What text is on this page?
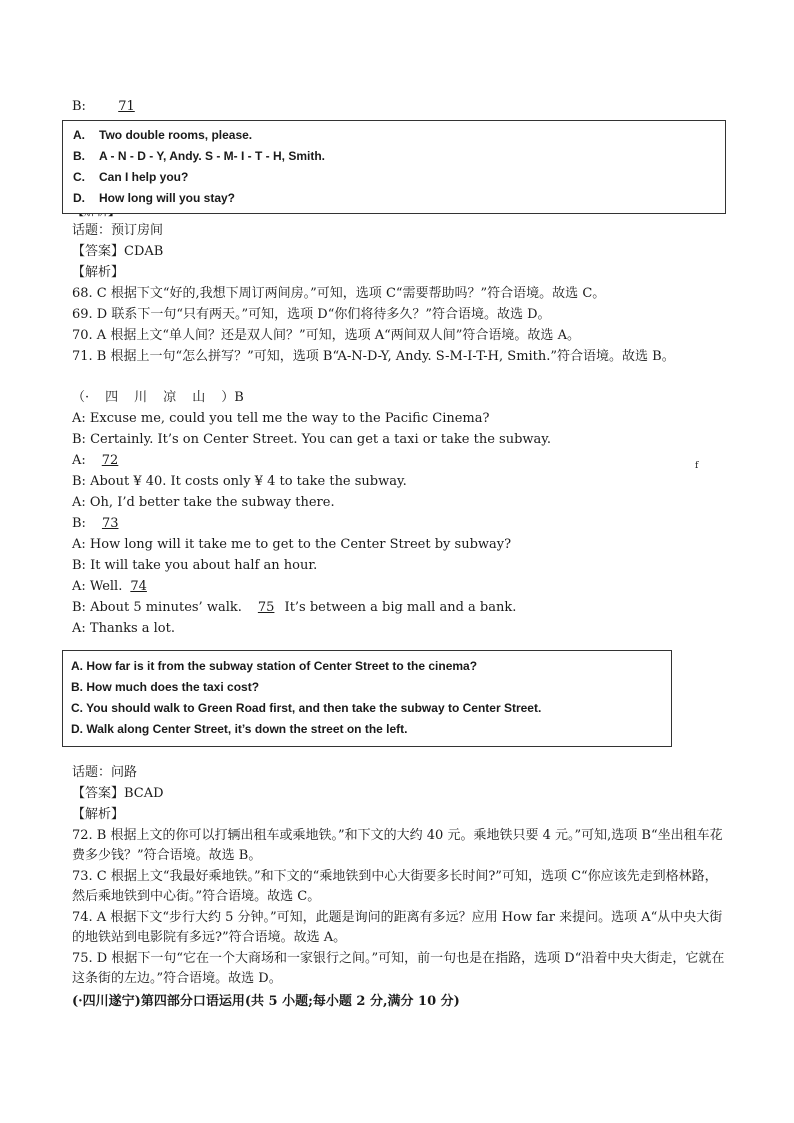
B: 71
A. Two double rooms, please.
B. A - N - D - Y, Andy. S - M- I - T - H, Smith.
C. Can I help you?
D. How long will you stay?
话题：预订房间
【答案】CDAB
【解析】
68. C 根据下文“好的,我想下周订两间房。”可知，选项 C“需要帮助吗？”符合语境。故选 C。
69. D 联系下一句“只有两天。”可知，选项 D“你们将待多久？”符合语境。故选 D。
70. A 根据上文“单人间？还是双人间？”可知，选项 A“两间双人间”符合语境。故选 A。
71. B 根据上一句“怎么拼写？”可知，选项 B“A-N-D-Y, Andy. S-M-I-T-H, Smith.”符合语境。故选 B。
（· 四 川 凉 山 ）B
A: Excuse me, could you tell me the way to the Pacific Cinema?
B: Certainly. It’s on Center Street. You can get a taxi or take the subway.
A: 72	f
B: About ¥ 40. It costs only ¥ 4 to take the subway.
A: Oh, I’d better take the subway there.
B: 73
A: How long will it take me to get to the Center Street by subway?
B: It will take you about half an hour.
A: Well. 74
B: About 5 minutes’ walk. 75 It’s between a big mall and a bank.
A: Thanks a lot.
A. How far is it from the subway station of Center Street to the cinema?
B. How much does the taxi cost?
C. You should walk to Green Road first, and then take the subway to Center Street.
D. Walk along Center Street, it’s down the street on the left.
话题：问路
【答案】BCAD
【解析】
72. B 根据上文的你可以打辆出租车或乘地铁。”和下文的大约 40 元。乘地铁只要 4 元。”可知,选项 B“坐出租车花费多少钱？”符合语境。故选 B。
73. C 根据上文“我最好乘地铁。”和下文的“乘地铁到中心大街要多长时间?”可知，选项 C“你应该先走到格林路，然后乘地铁到中心街。”符合语境。故选 C。
74. A 根据下文“步行大约 5 分钟。”可知，此题是询问的距离有多远？应用 How far 来提问。选项 A“从中央大街的地铁站到电影院有多远?”符合语境。故选 A。
75. D 根据下一句“它在一个大商场和一家银行之间。”可知，前一句也是在指路，选项 D“沿着中央大街走，它就在这条街的左边。”符合语境。故选 D。
(·四川遂宁)第四部分口语运用(共 5 小题;每小题 2 分,满分 10 分)
